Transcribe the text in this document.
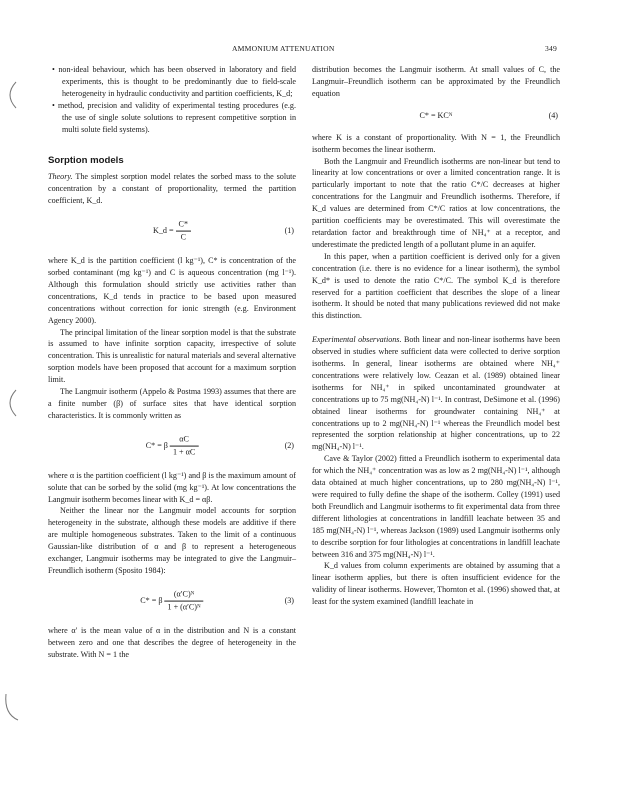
AMMONIUM ATTENUATION	349

• non-ideal behaviour, which has been observed in laboratory and field experiments, this is thought to be predominantly due to field-scale heterogeneity in hydraulic conductivity and partition coefficients, K_d;

• method, precision and validity of experimental testing procedures (e.g. the use of single solute solutions to represent competitive sorption in multi solute field systems).

Sorption models

Theory. The simplest sorption model relates the sorbed mass to the solute concentration by a constant of proportionality, termed the partition coefficient, K_d.

K_d = $\frac{C*}{C}$	(1)

where K_d is the partition coefficient (l kg⁻¹), C* is concentration of the sorbed contaminant (mg kg⁻¹) and C is aqueous concentration (mg l⁻¹). Although this formulation should strictly use activities rather than concentrations, K_d tends in practice to be based upon measured concentrations without correction for ionic strength (e.g. Environment Agency 2000).

The principal limitation of the linear sorption model is that the substrate is assumed to have infinite sorption capacity, irrespective of solute concentration. This is unrealistic for natural materials and several alternative sorption models have been proposed that account for a maximum sorption limit.

The Langmuir isotherm (Appelo & Postma 1993) assumes that there are a finite number (β) of surface sites that have identical sorption characteristics. It is commonly written as

C* = β $\frac{\alpha C}{1 + \alpha C}$	(2)

where α is the partition coefficient (l kg⁻¹) and β is the maximum amount of solute that can be sorbed by the solid (mg kg⁻¹). At low concentrations the Langmuir isotherm becomes linear with K_d = αβ.

Neither the linear nor the Langmuir model accounts for sorption heterogeneity in the substrate, although these models are additive if there are multiple homogeneous substrates. Taken to the limit of a continuous Gaussian-like distribution of α and β to represent a heterogeneous exchanger, Langmuir isotherms may be integrated to give the Langmuir–Freundlich isotherm (Sposito 1984):

C* = β $\frac{\text{(α′C)ᴺ}}{\text{1 + (α′C)ᴺ}}$	(3)

where α′ is the mean value of α in the distribution and N is a constant between zero and one that describes the degree of heterogeneity in the substrate. With N = 1 the

distribution becomes the Langmuir isotherm. At small values of C, the Langmuir–Freundlich isotherm can be approximated by the Freundlich equation

C* = KCᴺ	(4)

where K is a constant of proportionality. With N = 1, the Freundlich isotherm becomes the linear isotherm.

Both the Langmuir and Freundlich isotherms are non-linear but tend to linearity at low concentrations or over a limited concentration range. It is particularly important to note that the ratio C*/C decreases at higher concentrations for the Langmuir and Freundlich isotherms. Therefore, if K_d values are determined from C*/C ratios at low concentrations, the partition coefficients may be overestimated. This will overestimate the retardation factor and breakthrough time of NH₄⁺ at a receptor, and underestimate the predicted length of a pollutant plume in an aquifer.

In this paper, when a partition coefficient is derived only for a given concentration (i.e. there is no evidence for a linear isotherm), the symbol K_d* is used to denote the ratio C*/C. The symbol K_d is therefore reserved for a partition coefficient that describes the slope of a linear isotherm. It should be noted that many publications reviewed did not make this distinction.

Experimental observations. Both linear and non-linear isotherms have been observed in studies where sufficient data were collected to derive sorption isotherms. In general, linear isotherms are obtained where NH₄⁺ concentrations were relatively low. Ceazan et al. (1989) obtained linear isotherms for NH₄⁺ in spiked uncontaminated groundwater at concentrations up to 75 mg(NH₄-N) l⁻¹. In contrast, DeSimone et al. (1996) obtained linear isotherms for groundwater containing NH₄⁺ at concentrations up to 2 mg(NH₄-N) l⁻¹ whereas the Freundlich model best represented the sorption relationship at higher concentrations, up to 22 mg(NH₄-N) l⁻¹.

Cave & Taylor (2002) fitted a Freundlich isotherm to experimental data for which the NH₄⁺ concentration was as low as 2 mg(NH₄-N) l⁻¹, although data obtained at much higher concentrations, up to 280 mg(NH₄-N) l⁻¹, were required to fully define the shape of the isotherm. Colley (1991) used both Freundlich and Langmuir isotherms to fit experimental data from three different lithologies at concentrations in landfill leachate between 35 and 185 mg(NH₄-N) l⁻¹, whereas Jackson (1989) used Langmuir isotherms only to describe sorption for four lithologies at concentrations in landfill leachate between 316 and 375 mg(NH₄-N) l⁻¹.

K_d values from column experiments are obtained by assuming that a linear isotherm applies, but there is often insufficient evidence for the validity of linear isotherms. However, Thornton et al. (1996) showed that, at least for the system examined (landfill leachate in
